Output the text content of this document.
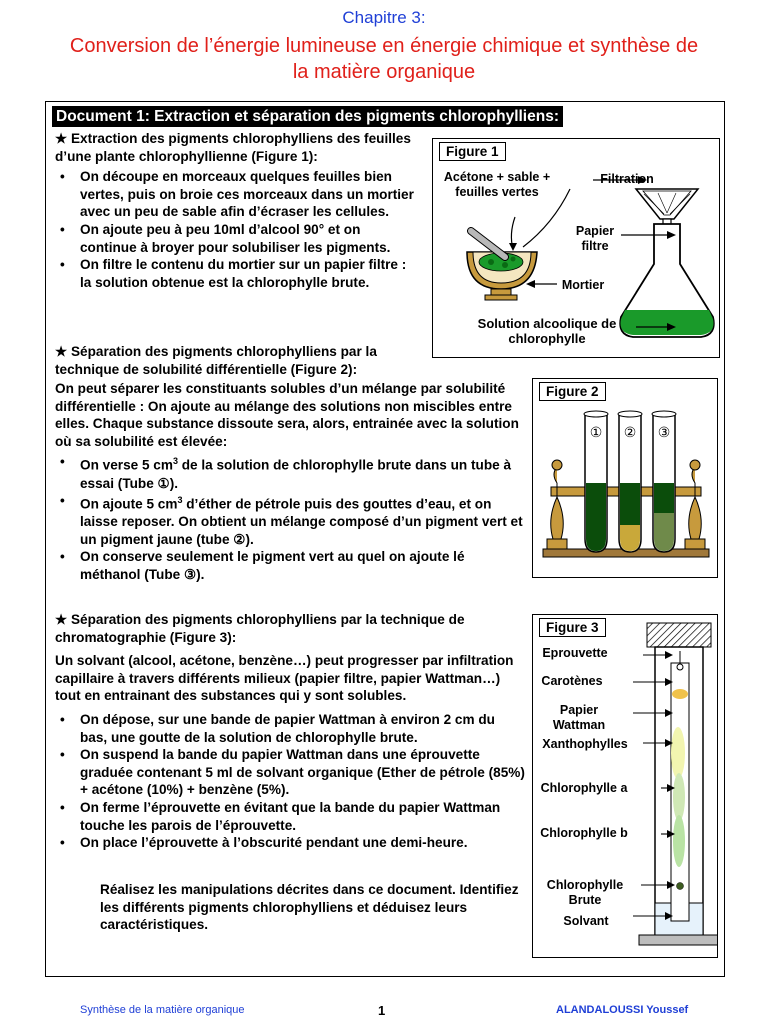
Chapitre 3:
Conversion de l’énergie lumineuse en énergie chimique et synthèse de la matière organique
Document 1: Extraction et séparation des pigments chlorophylliens:

★ Extraction des pigments chlorophylliens des feuilles d’une plante chlorophyllienne (Figure 1):

• On découpe en morceaux quelques feuilles bien vertes, puis on broie ces morceaux dans un mortier avec un peu de sable afin d’écraser les cellules.

• On ajoute peu à peu 10ml d’alcool 90° et on continue à broyer pour solubiliser les pigments.

• On filtre le contenu du mortier sur un papier filtre : la solution obtenue est la chlorophylle brute.

★ Séparation des pigments chlorophylliens par la technique de solubilité différentielle (Figure 2):

On peut séparer les constituants solubles d’un mélange par solubilité différentielle : On ajoute au mélange des solutions non miscibles entre elles. Chaque substance dissoute sera, alors, entrainée avec la solution où sa solubilité est élevée:

• On verse 5 $cm^3$ de la solution de chlorophylle brute dans un tube à essai (Tube ①).

• On ajoute 5 $cm^3$ d’éther de pétrole puis des gouttes d’eau, et on laisse reposer. On obtient un mélange composé d’un pigment vert et un pigment jaune (tube ②).

• On conserve seulement le pigment vert au quel on ajoute lé méthanol (Tube ③).

★ Séparation des pigments chlorophylliens par la technique de chromatographie (Figure 3):

Un solvant (alcool, acétone, benzène…) peut progresser par infiltration capillaire à travers différents milieux (papier filtre, papier Wattman…) tout en entrainant des substances qui y sont solubles.

• On dépose, sur une bande de papier Wattman à environ 2 cm du bas, une goutte de la solution de chlorophylle brute.

• On suspend la bande du papier Wattman dans une éprouvette graduée contenant 5 ml de solvant organique (Ether de pétrole (85%) + acétone (10%) + benzène (5%).

• On ferme l’éprouvette en évitant que la bande du papier Wattman touche les parois de l’éprouvette.

• On place l’éprouvette à l’obscurité pendant une demi-heure.

Réalisez les manipulations décrites dans ce document. Identifiez les différents pigments chlorophylliens et déduisez leurs caractéristiques.

Figure 1
Acétone + sable + feuilles vertes
Filtration
Papier filtre
Mortier
Solution alcoolique de chlorophylle
Figure 2
① ② ③
Figure 3
Eprouvette
Carotènes
Papier Wattman
Xanthophylles
Chlorophylle a
Chlorophylle b
Chlorophylle Brute
Solvant
Synthèse de la matière organique	1	ALANDALOUSSI Youssef
